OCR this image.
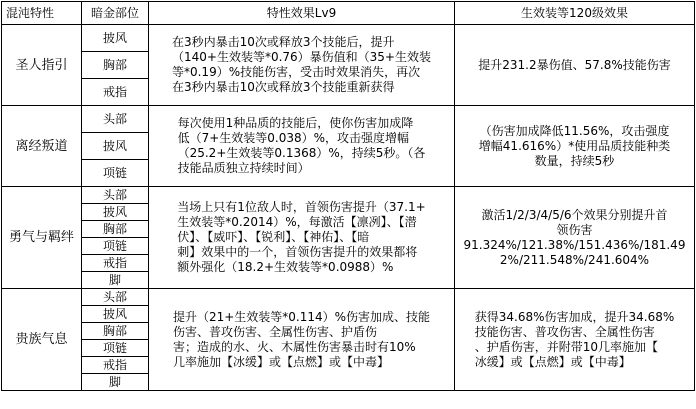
混沌特性	暗金部位	特性效果Lv9	生效装等120级效果
圣人指引	披风	在3秒内暴击10次或释放3个技能后，提升
（140+生效装等*0.76）暴伤值和（35+生效装
等*0.19）%技能伤害，受击时效果消失，再次
在3秒内暴击10次或释放3个技能重新获得	提升231.2暴伤值、57.8%技能伤害

	胸部		
	戒指		
离经叛道	头部	每次使用1种品质的技能后，使你伤害加成降
低（7+生效装等0.038）%，攻击强度增幅
（25.2+生效装等0.1368）%，持续5秒。（各
技能品质独立持续时间）	（伤害加成降低11.56%，攻击强度
增幅41.616%）*使用品质技能种类
数量，持续5秒

	披风		
	项链		
勇气与羁绊	头部	当场上只有1位敌人时，首领伤害提升（37.1+
生效装等*0.2014）%，每激活【凛冽】、【潜
伏】、【威吓】、【锐利】、【神佑】、【暗
刺】效果中的一个，首领伤害提升的效果都将
额外强化（18.2+生效装等*0.0988）%	激活1/2/3/4/5/6个效果分别提升首
领伤害
91.324%/121.38%/151.436%/181.49
2%/211.548%/241.604%

	披风		
	胸部		
	项链		
	戒指		
	脚		
贵族气息	头部	提升（21+生效装等*0.114）%伤害加成、技能
伤害、普攻伤害、全属性伤害、护盾伤
害；造成的水、火、木属性伤害暴击时有10%
几率施加【冰缓】或【点燃】或【中毒】	获得34.68%伤害加成，提升34.68%
技能伤害、普攻伤害、全属性伤害
、护盾伤害，并附带10几率施加【
冰缓】或【点燃】或【中毒】

	披风		
	胸部		
	项链		
	戒指		
	脚		
